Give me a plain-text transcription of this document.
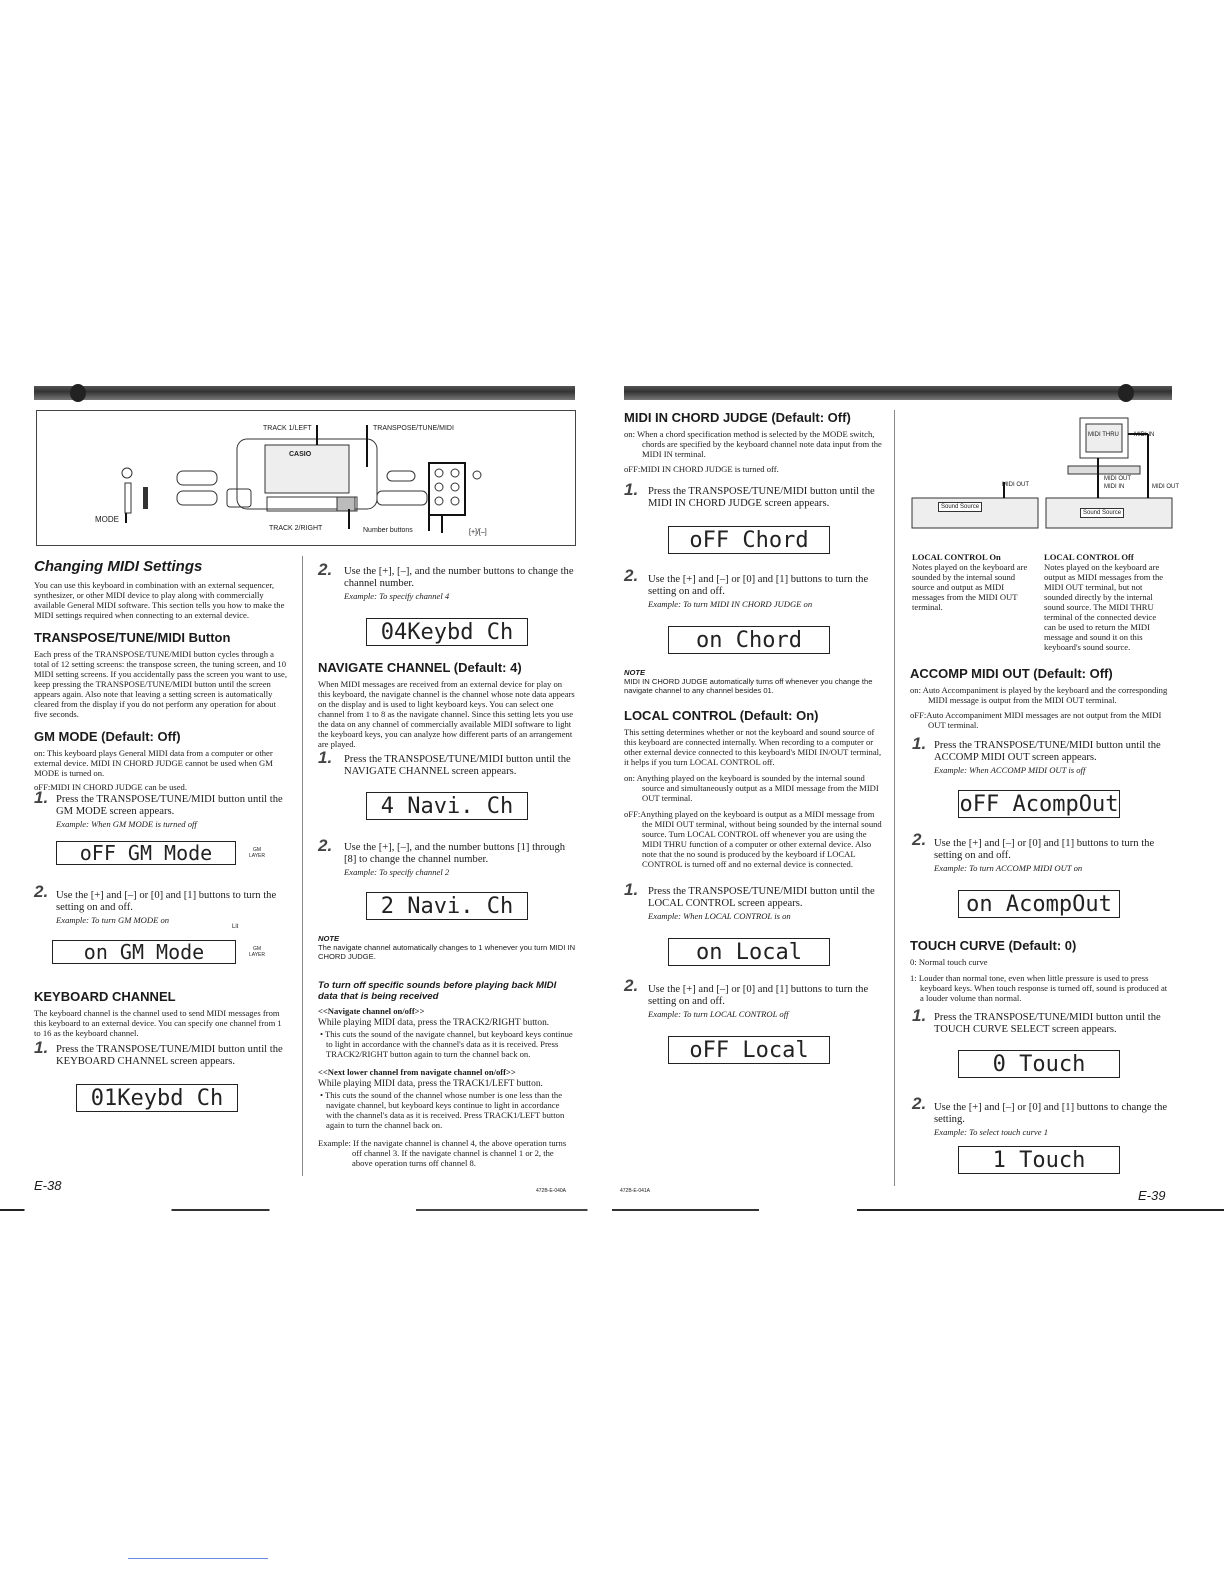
CASIO
TRACK 1/LEFT	TRANSPOSE/TUNE/MIDI
MODE
TRACK 2/RIGHT	Number buttons	[+]/[–]
Changing MIDI Settings

You can use this keyboard in combination with an external sequencer, synthesizer, or other MIDI device to play along with commercially available General MIDI software. This section tells you how to make the MIDI settings required when connecting to an external device.

TRANSPOSE/TUNE/MIDI Button

Each press of the TRANSPOSE/TUNE/MIDI button cycles through a total of 12 setting screens: the transpose screen, the tuning screen, and 10 MIDI setting screens. If you accidentally pass the screen you want to use, keep pressing the TRANSPOSE/TUNE/MIDI button until the screen appears again. Also note that leaving a setting screen is automatically cleared from the display if you do not perform any operation for about five seconds.

GM MODE (Default: Off)

on: This keyboard plays General MIDI data from a computer or other external device. MIDI IN CHORD JUDGE cannot be used when GM MODE is turned on.

oFF:MIDI IN CHORD JUDGE can be used.

1. Press the TRANSPOSE/TUNE/MIDI button until the GM MODE screen appears.
Example: When GM MODE is turned off
oFF GM Mode	GM
LAYER
2. Use the [+] and [–] or [0] and [1] buttons to turn the setting on and off.
Example: To turn GM MODE on
Lit
on GM Mode	GM
LAYER
KEYBOARD CHANNEL

The keyboard channel is the channel used to send MIDI messages from this keyboard to an external device. You can specify one channel from 1 to 16 as the keyboard channel.

1. Press the TRANSPOSE/TUNE/MIDI button until the KEYBOARD CHANNEL screen appears.
01Keybd Ch
E-38
2. Use the [+], [–], and the number buttons to change the channel number.
Example: To specify channel 4
04Keybd Ch
NAVIGATE CHANNEL (Default: 4)

When MIDI messages are received from an external device for play on this keyboard, the navigate channel is the channel whose note data appears on the display and is used to light keyboard keys. You can select one channel from 1 to 8 as the navigate channel. Since this setting lets you use the data on any channel of commercially available MIDI software to light the keyboard keys, you can analyze how different parts of an arrangement are played.

1. Press the TRANSPOSE/TUNE/MIDI button until the NAVIGATE CHANNEL screen appears.
4 Navi. Ch
2. Use the [+], [–], and the number buttons [1] through [8] to change the channel number.
Example: To specify channel 2
2 Navi. Ch
NOTE
The navigate channel automatically changes to 1 whenever you turn MIDI IN CHORD JUDGE.
To turn off specific sounds before playing back MIDI data that is being received

<<Navigate channel on/off>>

While playing MIDI data, press the TRACK2/RIGHT button.

• This cuts the sound of the navigate channel, but keyboard keys continue to light in accordance with the channel's data as it is received. Press TRACK2/RIGHT button again to turn the channel back on.

<<Next lower channel from navigate channel on/off>>

While playing MIDI data, press the TRACK1/LEFT button.

• This cuts the sound of the channel whose number is one less than the navigate channel, but keyboard keys continue to light in accordance with the channel's data as it is received. Press TRACK1/LEFT button again to turn the channel back on.

Example: If the navigate channel is channel 4, the above operation turns off channel 3. If the navigate channel is channel 1 or 2, the above operation turns off channel 8.

472B-E-040A
MIDI IN CHORD JUDGE (Default: Off)

on: When a chord specification method is selected by the MODE switch, chords are specified by the keyboard channel note data input from the MIDI IN terminal.

oFF:MIDI IN CHORD JUDGE is turned off.

1. Press the TRANSPOSE/TUNE/MIDI button until the MIDI IN CHORD JUDGE screen appears.
oFF Chord
2. Use the [+] and [–] or [0] and [1] buttons to turn the setting on and off.
Example: To turn MIDI IN CHORD JUDGE on
on Chord
NOTE
MIDI IN CHORD JUDGE automatically turns off whenever you change the navigate channel to any channel besides 01.
LOCAL CONTROL (Default: On)

This setting determines whether or not the keyboard and sound source of this keyboard are connected internally. When recording to a computer or other external device connected to this keyboard's MIDI IN/OUT terminal, it helps if you turn LOCAL CONTROL off.

on: Anything played on the keyboard is sounded by the internal sound source and simultaneously output as a MIDI message from the MIDI OUT terminal.

oFF:Anything played on the keyboard is output as a MIDI message from the MIDI OUT terminal, without being sounded by the internal sound source. Turn LOCAL CONTROL off whenever you are using the MIDI THRU function of a computer or other external device. Also note that the no sound is produced by the keyboard if LOCAL CONTROL is turned off and no external device is connected.

1. Press the TRANSPOSE/TUNE/MIDI button until the LOCAL CONTROL screen appears.
Example: When LOCAL CONTROL is on
on Local
2. Use the [+] and [–] or [0] and [1] buttons to turn the setting on and off.
Example: To turn LOCAL CONTROL off
oFF Local
472B-E-041A
MIDI OUT
MIDI THRU	MIDI IN
MIDI OUT
MIDI IN	MIDI OUT
Sound Source
Sound Source

LOCAL CONTROL On

Notes played on the keyboard are sounded by the internal sound source and output as MIDI messages from the MIDI OUT terminal.

LOCAL CONTROL Off

Notes played on the keyboard are output as MIDI messages from the MIDI OUT terminal, but not sounded directly by the internal sound source. The MIDI THRU terminal of the connected device can be used to return the MIDI message and sound it on this keyboard's sound source.

ACCOMP MIDI OUT (Default: Off)

on: Auto Accompaniment is played by the keyboard and the corresponding MIDI message is output from the MIDI OUT terminal.

oFF:Auto Accompaniment MIDI messages are not output from the MIDI OUT terminal.

1. Press the TRANSPOSE/TUNE/MIDI button until the ACCOMP MIDI OUT screen appears.
Example: When ACCOMP MIDI OUT is off
oFF AcompOut
2. Use the [+] and [–] or [0] and [1] buttons to turn the setting on and off.
Example: To turn ACCOMP MIDI OUT on
on AcompOut
TOUCH CURVE (Default: 0)

0: Normal touch curve

1: Louder than normal tone, even when little pressure is used to press keyboard keys. When touch response is turned off, sound is produced at a louder volume than normal.

1. Press the TRANSPOSE/TUNE/MIDI button until the TOUCH CURVE SELECT screen appears.
0 Touch
2. Use the [+] and [–] or [0] and [1] buttons to change the setting.
Example: To select touch curve 1
1 Touch
E-39
